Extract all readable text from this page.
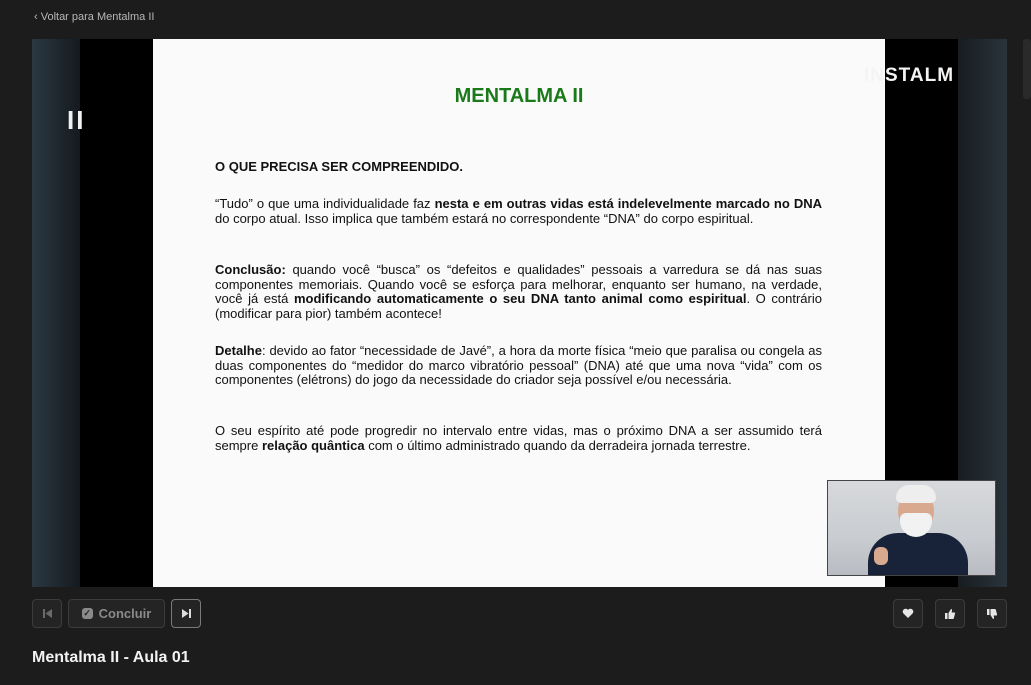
‹ Voltar para Mentalma II
MENTALMA II

O QUE PRECISA SER COMPREENDIDO.

“Tudo” o que uma individualidade faz nesta e em outras vidas está indelevelmente marcado no DNA do corpo atual. Isso implica que também estará no correspondente “DNA” do corpo espiritual.

Conclusão: quando você “busca” os “defeitos e qualidades” pessoais a varredura se dá nas suas componentes memoriais. Quando você se esforça para melhorar, enquanto ser humano, na verdade, você já está modificando automaticamente o seu DNA tanto animal como espiritual. O contrário (modificar para pior) também acontece!

Detalhe: devido ao fator “necessidade de Javé”, a hora da morte física “meio que paralisa ou congela as duas componentes do “medidor do marco vibratório pessoal” (DNA) até que uma nova “vida” com os componentes (elétrons) do jogo da necessidade do criador seja possível e/ou necessária.

O seu espírito até pode progredir no intervalo entre vidas, mas o próximo DNA a ser assumido terá sempre relação quântica com o último administrado quando da derradeira jornada terrestre.

II
INSTALM
✓ Concluir
Mentalma II - Aula 01
